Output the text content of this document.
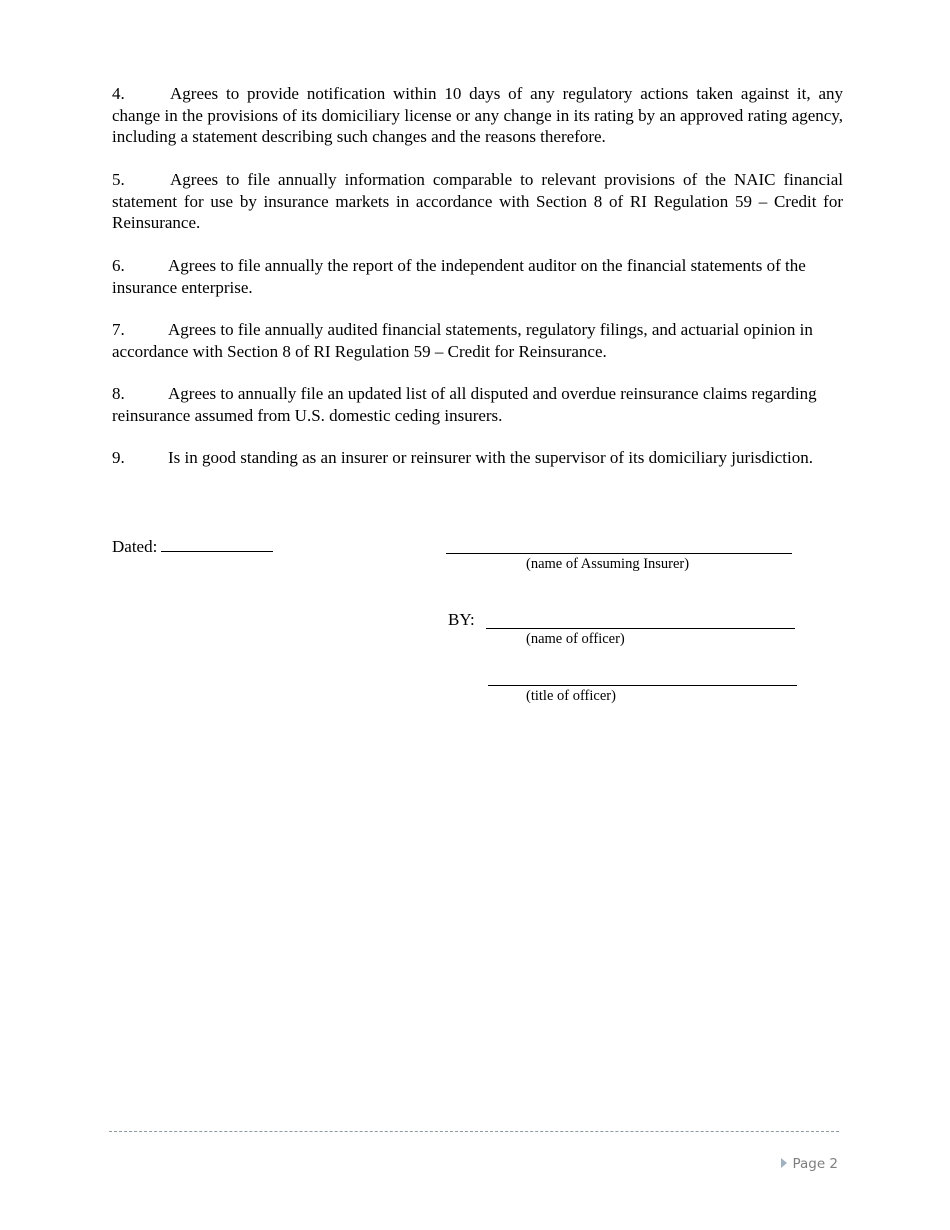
4.	Agrees to provide notification within 10 days of any regulatory actions taken against it, any change in the provisions of its domiciliary license or any change in its rating by an approved rating agency, including a statement describing such changes and the reasons therefore.

5.	Agrees to file annually information comparable to relevant provisions of the NAIC financial statement for use by insurance markets in accordance with Section 8 of RI Regulation 59 – Credit for Reinsurance.

6.	Agrees to file annually the report of the independent auditor on the financial statements of the insurance enterprise.

7.	Agrees to file annually audited financial statements, regulatory filings, and actuarial opinion in accordance with Section 8 of RI Regulation 59 – Credit for Reinsurance.

8.	Agrees to annually file an updated list of all disputed and overdue reinsurance claims regarding reinsurance assumed from U.S. domestic ceding insurers.

9.	Is in good standing as an insurer or reinsurer with the supervisor of its domiciliary jurisdiction.

Dated:
(name of Assuming Insurer)
BY:
(name of officer)
(title of officer)
Page 2
